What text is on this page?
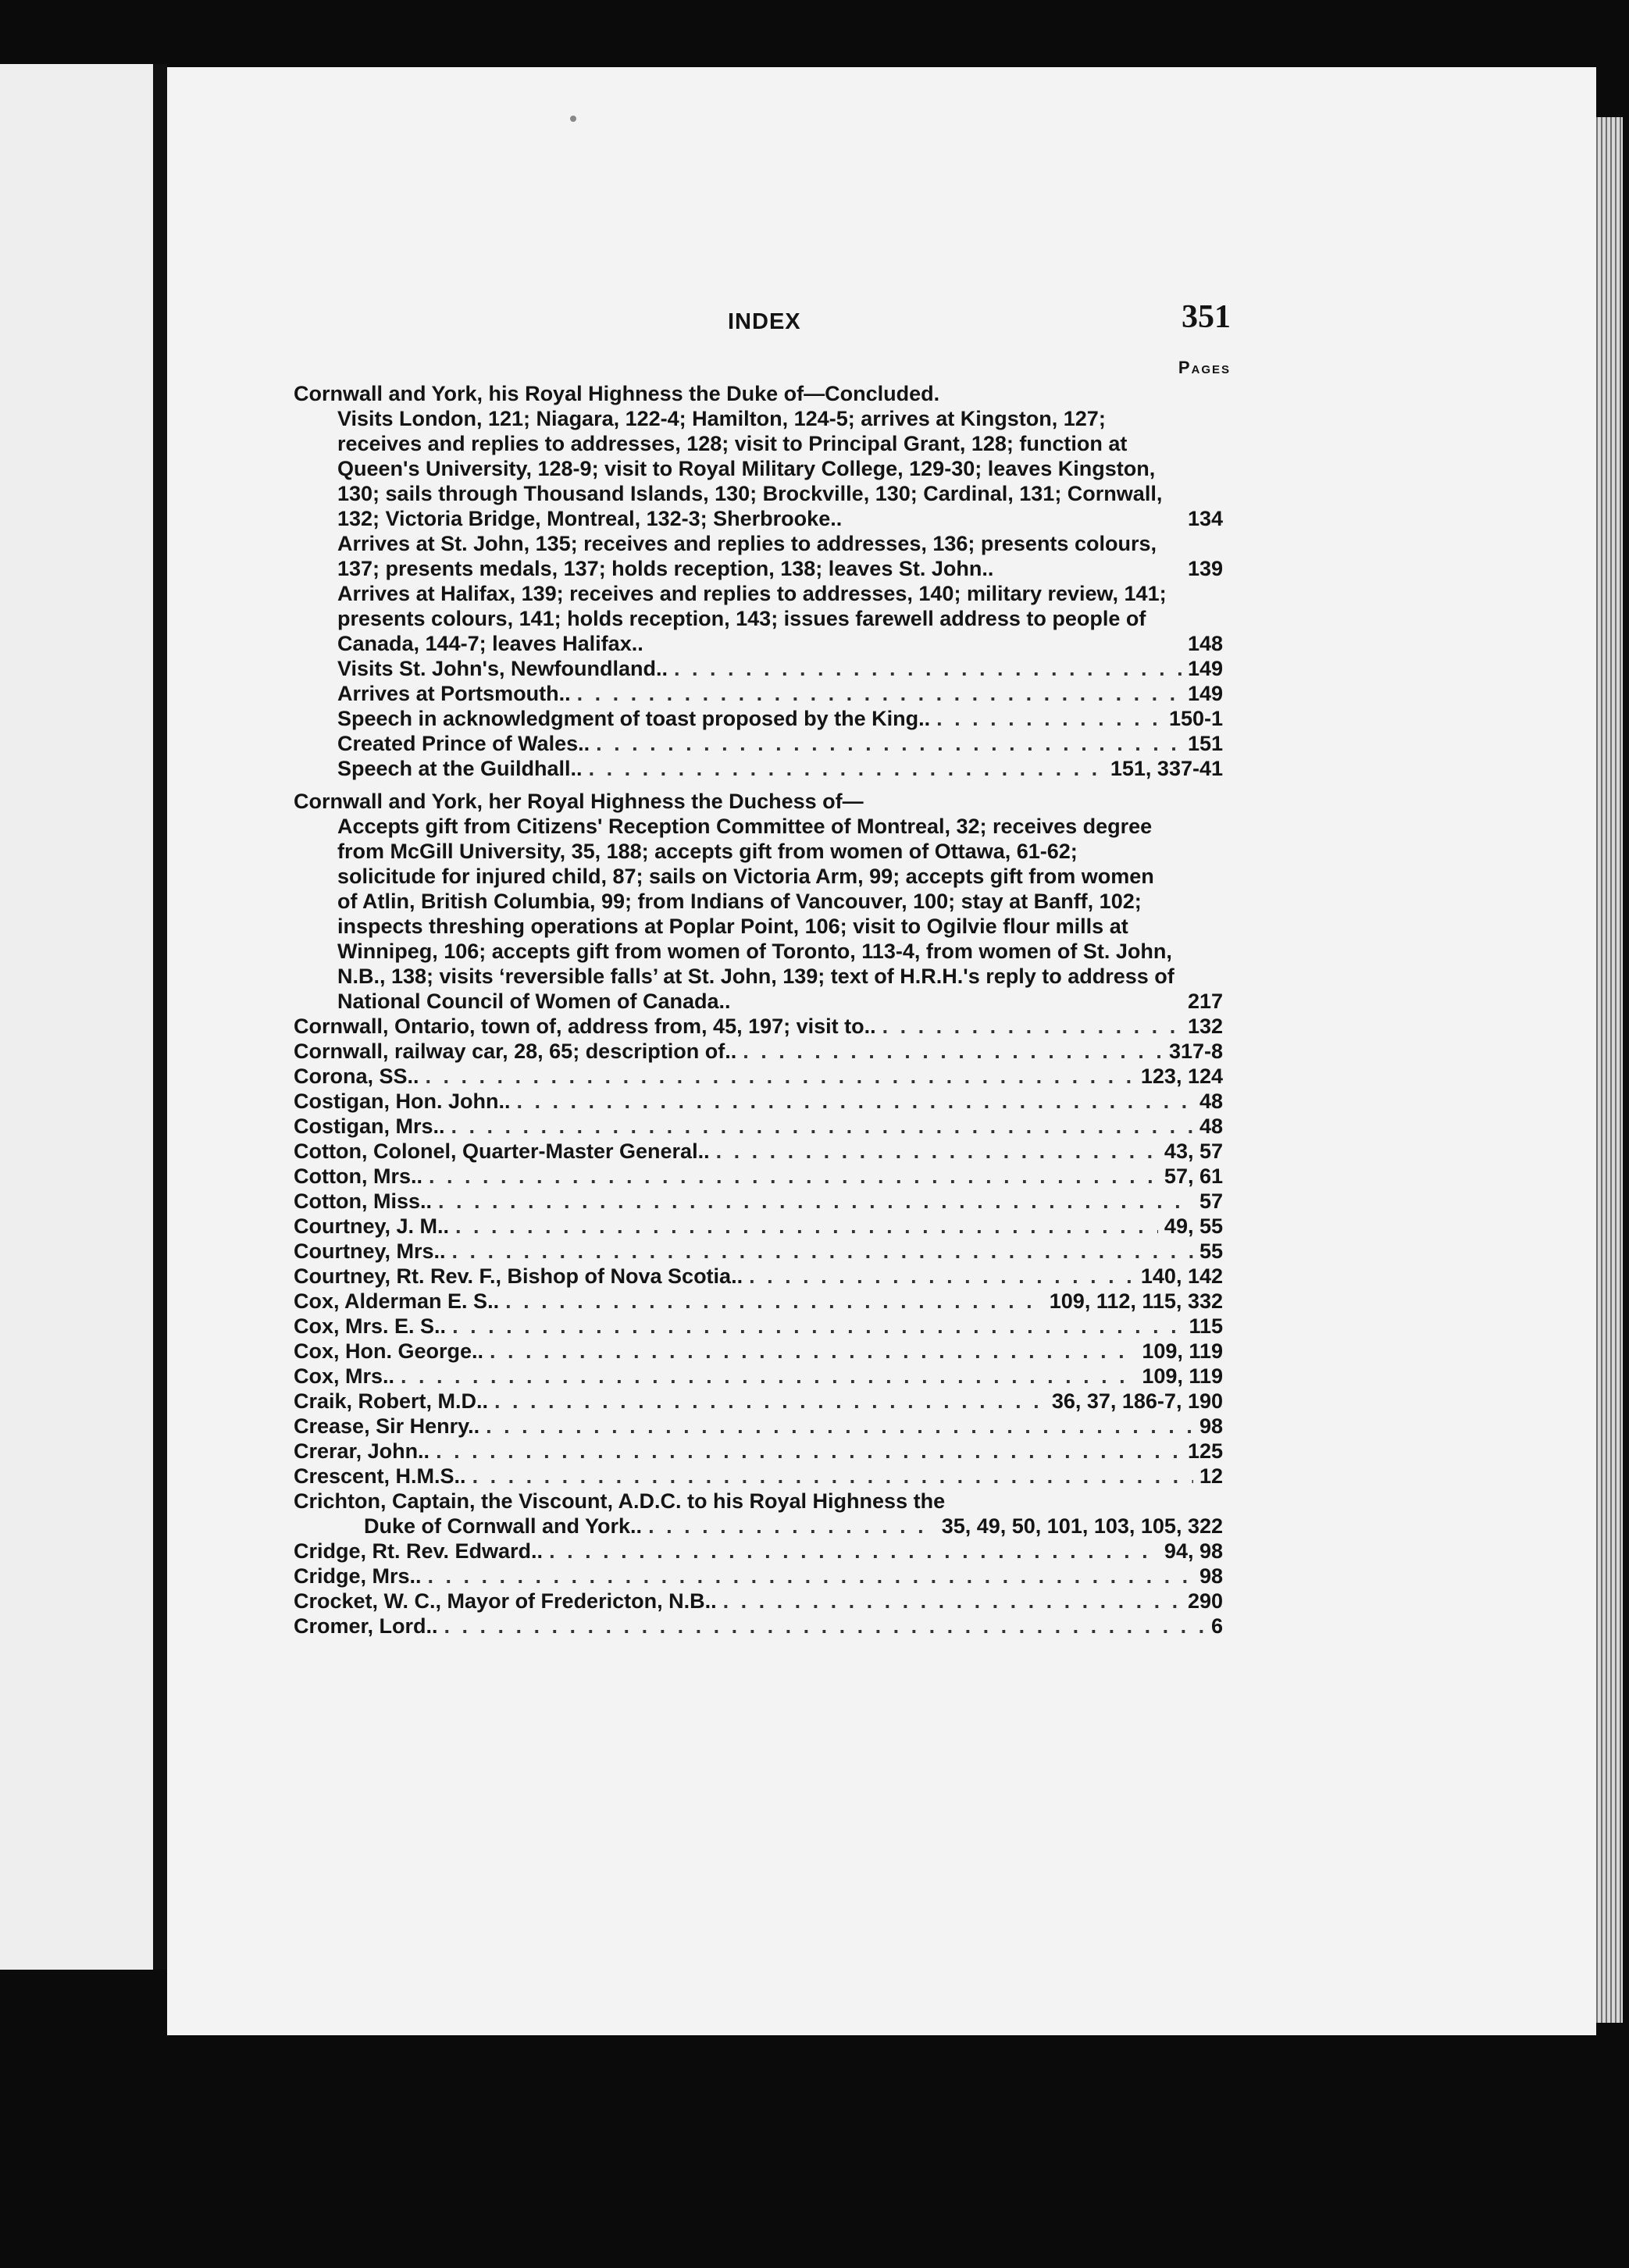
INDEX	351
Pages
Cornwall and York, his Royal Highness the Duke of—Concluded.
Visits London, 121; Niagara, 122-4; Hamilton, 124-5; arrives at Kingston, 127; receives and replies to addresses, 128; visit to Principal Grant, 128; function at Queen's University, 128-9; visit to Royal Military College, 129-30; leaves Kingston, 130; sails through Thousand Islands, 130; Brockville, 130; Cardinal, 131; Cornwall, 132; Victoria Bridge, Montreal, 132-3; Sherbrooke..	134
Arrives at St. John, 135; receives and replies to addresses, 136; presents colours, 137; presents medals, 137; holds reception, 138; leaves St. John..	139
Arrives at Halifax, 139; receives and replies to addresses, 140; military review, 141; presents colours, 141; holds reception, 143; issues farewell address to people of Canada, 144-7; leaves Halifax..	148
Visits St. John's, Newfoundland.. . . .	149
Arrives at Portsmouth.. . . .	149
Speech in acknowledgment of toast proposed by the King.. . . .	150-1
Created Prince of Wales.. . . .	151
Speech at the Guildhall.. . . .	151, 337-41
Cornwall and York, her Royal Highness the Duchess of—
Accepts gift from Citizens' Reception Committee of Montreal, 32; receives degree from McGill University, 35, 188; accepts gift from women of Ottawa, 61-62; solicitude for injured child, 87; sails on Victoria Arm, 99; accepts gift from women of Atlin, British Columbia, 99; from Indians of Vancouver, 100; stay at Banff, 102; inspects threshing operations at Poplar Point, 106; visit to Ogilvie flour mills at Winnipeg, 106; accepts gift from women of Toronto, 113-4, from women of St. John, N.B., 138; visits ‘reversible falls’ at St. John, 139; text of H.R.H.'s reply to address of National Council of Women of Canada..	217
Cornwall, Ontario, town of, address from, 45, 197; visit to.. . . .	132
Cornwall, railway car, 28, 65; description of.. . . .	317-8
Corona, SS.. . . .	123, 124
Costigan, Hon. John.. . . .	48
Costigan, Mrs.. . . .	48
Cotton, Colonel, Quarter-Master General.. . . .	43, 57
Cotton, Mrs.. . . .	57, 61
Cotton, Miss.. . . .	57
Courtney, J. M.. . . .	49, 55
Courtney, Mrs.. . . .	55
Courtney, Rt. Rev. F., Bishop of Nova Scotia.. . . .	140, 142
Cox, Alderman E. S.. . . .	109, 112, 115, 332
Cox, Mrs. E. S.. . . .	115
Cox, Hon. George.. . . .	109, 119
Cox, Mrs.. . . .	109, 119
Craik, Robert, M.D.. . . .	36, 37, 186-7, 190
Crease, Sir Henry.. . . .	98
Crerar, John.. . . .	125
Crescent, H.M.S.. . . .	12
Crichton, Captain, the Viscount, A.D.C. to his Royal Highness the
Duke of Cornwall and York.. . . .	35, 49, 50, 101, 103, 105, 322
Cridge, Rt. Rev. Edward.. . . .	94, 98
Cridge, Mrs.. . . .	98
Crocket, W. C., Mayor of Fredericton, N.B.. . . .	290
Cromer, Lord.. . . .	6
